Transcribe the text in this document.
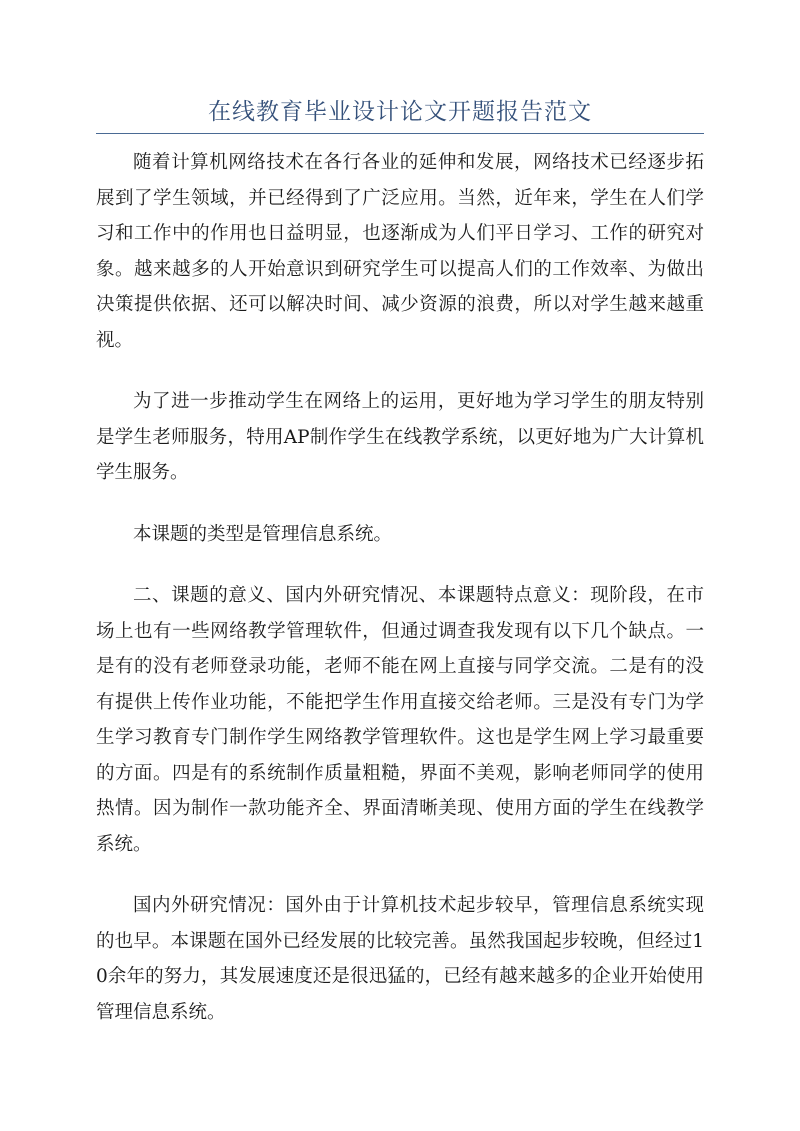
在线教育毕业设计论文开题报告范文

随着计算机网络技术在各行各业的延伸和发展，网络技术已经逐步拓展到了学生领域，并已经得到了广泛应用。当然，近年来，学生在人们学习和工作中的作用也日益明显，也逐渐成为人们平日学习、工作的研究对象。越来越多的人开始意识到研究学生可以提高人们的工作效率、为做出决策提供依据、还可以解决时间、减少资源的浪费，所以对学生越来越重视。

为了进一步推动学生在网络上的运用，更好地为学习学生的朋友特别是学生老师服务，特用AP制作学生在线教学系统，以更好地为广大计算机学生服务。

本课题的类型是管理信息系统。

二、课题的意义、国内外研究情况、本课题特点意义：现阶段，在市场上也有一些网络教学管理软件，但通过调查我发现有以下几个缺点。一是有的没有老师登录功能，老师不能在网上直接与同学交流。二是有的没有提供上传作业功能，不能把学生作用直接交给老师。三是没有专门为学生学习教育专门制作学生网络教学管理软件。这也是学生网上学习最重要的方面。四是有的系统制作质量粗糙，界面不美观，影响老师同学的使用热情。因为制作一款功能齐全、界面清晰美现、使用方面的学生在线教学系统。

国内外研究情况：国外由于计算机技术起步较早，管理信息系统实现的也早。本课题在国外已经发展的比较完善。虽然我国起步较晚，但经过10余年的努力，其发展速度还是很迅猛的，已经有越来越多的企业开始使用管理信息系统。
